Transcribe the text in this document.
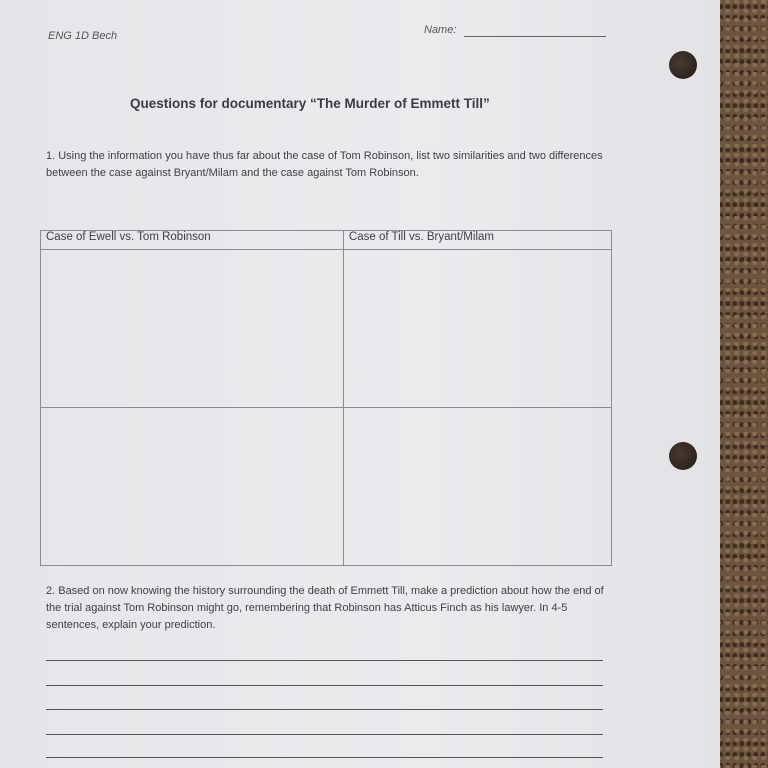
ENG 1D Bech	Name:
Questions for documentary “The Murder of Emmett Till”
1. Using the information you have thus far about the case of Tom Robinson, list two similarities and two differences between the case against Bryant/Milam and the case against Tom Robinson.
Case of Ewell vs. Tom Robinson	Case of Till vs. Bryant/Milam

2. Based on now knowing the history surrounding the death of Emmett Till, make a prediction about how the end of the trial against Tom Robinson might go, remembering that Robinson has Atticus Finch as his lawyer. In 4-5 sentences, explain your prediction.
